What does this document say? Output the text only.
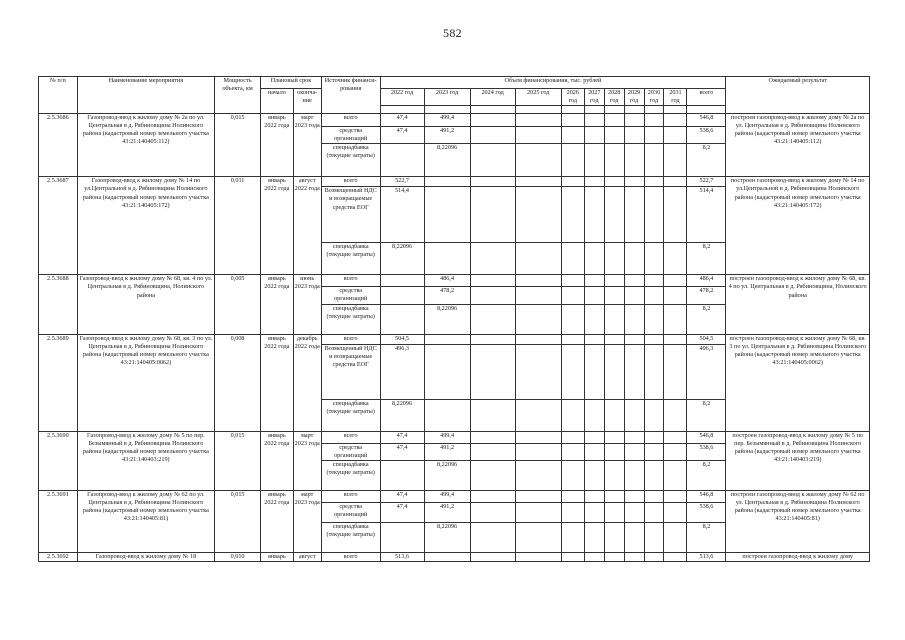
582
№ п/п	Наименование мероприятия	Мощность объекта, км	Плановый срок		Источник финанси-рования	Объем финансирования, тыс. рублей											Ожидаемый результат
			начало	оконча-ние		2022 год	2023 год	2024 год	2025 год	2026 год	2027 год	2028 год	2029 год	2030 год	2031 год	всего	

2.5.3686	Газопровод-ввод к жилому дому № 2а по ул. Центральная в д. Рябиновщина Нолинского района (кадастровый номер земельного участка 43:21:140405:112)	0,015	январь 2022 года	март 2023 года	всего	47,4	499,4									546,8	построен газопровод-ввод к жилому дому № 2а по ул. Центральная в д. Рябиновщина Нолинского района (кадастровый номер земельного участка 43:21:140405:112)
					средства организаций	47,4	491,2									538,6	
					спецнадбавка (текущие затраты)		8,22096									8,2	
2.5.3687	Газопровод-ввод к жилому дому № 14 по ул.Центральной в д. Рябиновщина Нолинского района (кадастровый номер земельного участка 43:21:140405:172)	0,011	январь 2022 года	август 2022 года	всего	522,7										522,7	построен газопровод-ввод к жилому дому № 14 по ул.Центральной в д. Рябиновщина Нолинского района (кадастровый номер земельного участка 43:21:140405:172)
					Возмещенный НДС и возвращаемые средства ЕОГ	514,4										514,4	
					спецнадбавка (текущие затраты)	8,22096										8,2	
2.5.3688	Газопровод-ввод к жилому дому № 68, кв. 4 по ул. Центральная в д. Рябиновщина, Нолинского района	0,005	январь 2022 года	июнь 2023 года	всего		486,4									486,4	построен газопровод-ввод к жилому дому № 68, кв. 4 по ул. Центральная в д. Рябиновщина, Нолинского района
					средства организаций		478,2									478,2	
					спецнадбавка (текущие затраты)		8,22096									8,2	
2.5.3689	Газопровод-ввод к жилому дому № 68, кв. 3 по ул. Центральная в д. Рябиновщина Нолинского района (кадастровый номер земельного участка 43:21:140405:0062)	0,008	январь 2022 года	декабрь 2022 года	всего	504,5										504,5	построен газопровод-ввод к жилому дому № 68, кв. 3 по ул. Центральная в д. Рябиновщина Нолинского района (кадастровый номер земельного участка 43:21:140405:0062)
					Возмещенный НДС и возвращаемые средства ЕОГ	496,3										496,3	
					спецнадбавка (текущие затраты)	8,22096										8,2	
2.5.3690	Газопровод-ввод к жилому дому № 5 по пер. Безымянный в д. Рябиновщина Нолинского района (кадастровый номер земельного участка 43:21:140403:219)	0,015	январь 2022 года	март 2023 года	всего	47,4	499,4									546,8	построен газопровод-ввод к жилому дому № 5 по пер. Безымянный в д. Рябиновщина Нолинского района (кадастровый номер земельного участка 43:21:140403:219)
					средства организаций	47,4	491,2									538,6	
					спецнадбавка (текущие затраты)		8,22096									8,2	
2.5.3691	Газопровод-ввод к жилому дому № 62 по ул. Центральная в д. Рябиновщина Нолинского района (кадастровый номер земельного участка 43:21:140405:81)	0,015	январь 2022 года	март 2023 года	всего	47,4	499,4									546,8	построен газопровод-ввод к жилому дому № 62 по ул. Центральная в д. Рябиновщина Нолинского района (кадастровый номер земельного участка 43:21:140405:81)
					средства организаций	47,4	491,2									538,6	
					спецнадбавка (текущие затраты)		8,22096									8,2	
2.5.3692	Газопровод-ввод к жилому дому № 18	0,010	январь	август	всего	513,6										513,6	построен газопровод-ввод к жилому дому
